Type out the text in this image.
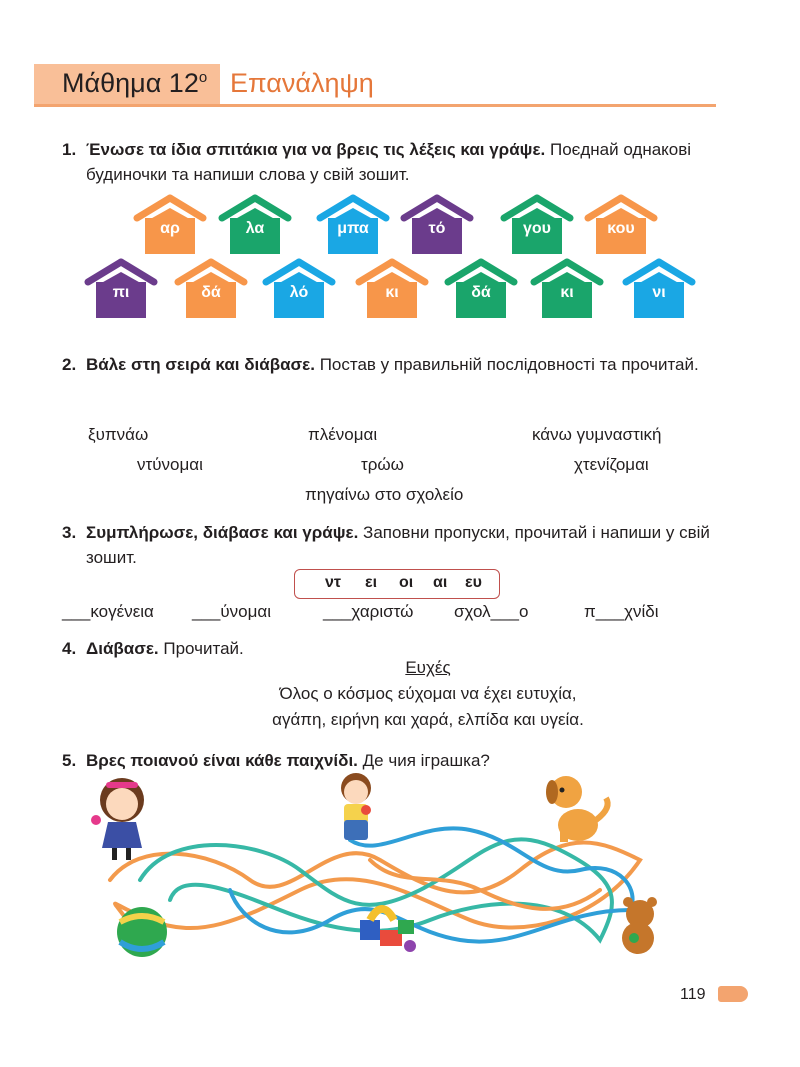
Μάθημα $12^o$ Επανάληψη
1. Ένωσε τα ίδια σπιτάκια για να βρεις τις λέξεις και γράψε. Поєднай однакові будиночки та напиши слова у свій зошит.
αρ	λα	μπα	τό	γου	κου
πι	δά	λό	κι	δά	κι	νι
2. Βάλε στη σειρά και διάβασε. Постав у правильній послідовності та прочитай.
ξυπνάω	πλένομαι	κάνω γυμναστική
ντύνομαι	τρώω	χτενίζομαι
πηγαίνω στο σχολείο
3. Συμπλήρωσε, διάβασε και γράψε. Заповни пропуски, прочитай і напиши у свій зошит.
ντ ει οι αι ευ
___κογένεια ___ύνομαι	___χαριστώ σχολ___ο	π___χνίδι
4. Διάβασε. Прочитай.
Ευχές
Όλος ο κόσμος εύχομαι να έχει ευτυχία,
αγάπη, ειρήνη και χαρά, ελπίδα και υγεία.
5. Βρες ποιανού είναι κάθε παιχνίδι. Де чия іграшка?
119
